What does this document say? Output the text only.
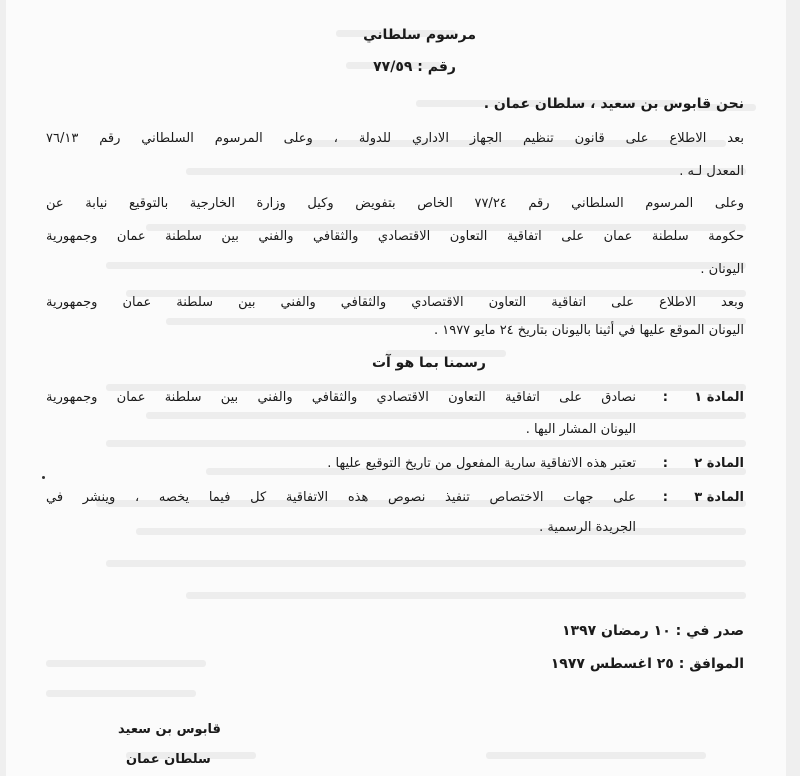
مرسوم سلطاني
رقم : ٧٧/٥٩
نحن قابوس بن سعيد ، سلطان عمان .
بعد الاطلاع على قانون تنظيم الجهاز الاداري للدولة ، وعلى المرسوم السلطاني رقم ٧٦/١٣
المعدل لـه .
وعلى المرسوم السلطاني رقم ٧٧/٢٤ الخاص بتفويض وكيل وزارة الخارجية بالتوقيع نيابة عن
حكومة سلطنة عمان على اتفاقية التعاون الاقتصادي والثقافي والفني بين سلطنة عمان وجمهورية
اليونان .
وبعد الاطلاع على اتفاقية التعاون الاقتصادي والثقافي والفني بين سلطنة عمان وجمهورية
اليونان الموقع عليها في أثينا باليونان بتاريخ ٢٤ مايو ١٩٧٧ .
رسمنا بما هو آت
المادة ١
:
نصادق على اتفاقية التعاون الاقتصادي والثقافي والفني بين سلطنة عمان وجمهورية
اليونان المشار اليها .
المادة ٢
:
تعتبر هذه الاتفاقية سارية المفعول من تاريخ التوقيع عليها .
المادة ٣
:
على جهات الاختصاص تنفيذ نصوص هذه الاتفاقية كل فيما يخصه ، وينشر في
الجريدة الرسمية .
صدر في : ١٠ رمضان ١٣٩٧
الموافق : ٢٥ اغسطس ١٩٧٧
قابوس بن سعيد
سلطان عمان
